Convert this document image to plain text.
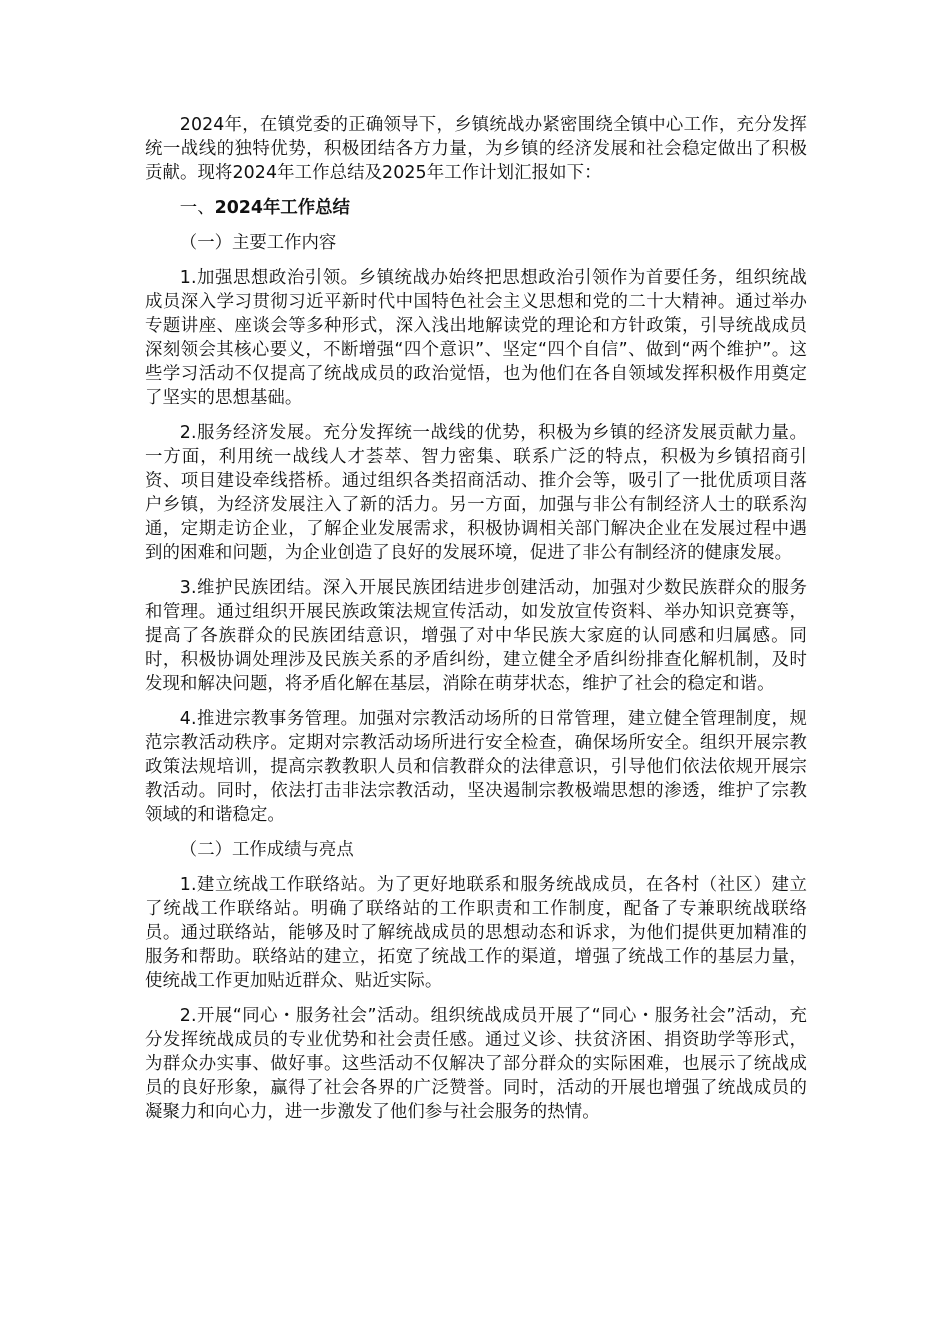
2024年，在镇党委的正确领导下，乡镇统战办紧密围绕全镇中心工作，充分发挥统一战线的独特优势，积极团结各方力量，为乡镇的经济发展和社会稳定做出了积极贡献。现将2024年工作总结及2025年工作计划汇报如下：

一、2024年工作总结

（一）主要工作内容

1.加强思想政治引领。乡镇统战办始终把思想政治引领作为首要任务，组织统战成员深入学习贯彻习近平新时代中国特色社会主义思想和党的二十大精神。通过举办专题讲座、座谈会等多种形式，深入浅出地解读党的理论和方针政策，引导统战成员深刻领会其核心要义，不断增强“四个意识”、坚定“四个自信”、做到“两个维护”。这些学习活动不仅提高了统战成员的政治觉悟，也为他们在各自领域发挥积极作用奠定了坚实的思想基础。

2.服务经济发展。充分发挥统一战线的优势，积极为乡镇的经济发展贡献力量。一方面，利用统一战线人才荟萃、智力密集、联系广泛的特点，积极为乡镇招商引资、项目建设牵线搭桥。通过组织各类招商活动、推介会等，吸引了一批优质项目落户乡镇，为经济发展注入了新的活力。另一方面，加强与非公有制经济人士的联系沟通，定期走访企业，了解企业发展需求，积极协调相关部门解决企业在发展过程中遇到的困难和问题，为企业创造了良好的发展环境，促进了非公有制经济的健康发展。

3.维护民族团结。深入开展民族团结进步创建活动，加强对少数民族群众的服务和管理。通过组织开展民族政策法规宣传活动，如发放宣传资料、举办知识竞赛等，提高了各族群众的民族团结意识，增强了对中华民族大家庭的认同感和归属感。同时，积极协调处理涉及民族关系的矛盾纠纷，建立健全矛盾纠纷排查化解机制，及时发现和解决问题，将矛盾化解在基层，消除在萌芽状态，维护了社会的稳定和谐。

4.推进宗教事务管理。加强对宗教活动场所的日常管理，建立健全管理制度，规范宗教活动秩序。定期对宗教活动场所进行安全检查，确保场所安全。组织开展宗教政策法规培训，提高宗教教职人员和信教群众的法律意识，引导他们依法依规开展宗教活动。同时，依法打击非法宗教活动，坚决遏制宗教极端思想的渗透，维护了宗教领域的和谐稳定。

（二）工作成绩与亮点

1.建立统战工作联络站。为了更好地联系和服务统战成员，在各村（社区）建立了统战工作联络站。明确了联络站的工作职责和工作制度，配备了专兼职统战联络员。通过联络站，能够及时了解统战成员的思想动态和诉求，为他们提供更加精准的服务和帮助。联络站的建立，拓宽了统战工作的渠道，增强了统战工作的基层力量，使统战工作更加贴近群众、贴近实际。

2.开展“同心・服务社会”活动。组织统战成员开展了“同心・服务社会”活动，充分发挥统战成员的专业优势和社会责任感。通过义诊、扶贫济困、捐资助学等形式，为群众办实事、做好事。这些活动不仅解决了部分群众的实际困难，也展示了统战成员的良好形象，赢得了社会各界的广泛赞誉。同时，活动的开展也增强了统战成员的凝聚力和向心力，进一步激发了他们参与社会服务的热情。
